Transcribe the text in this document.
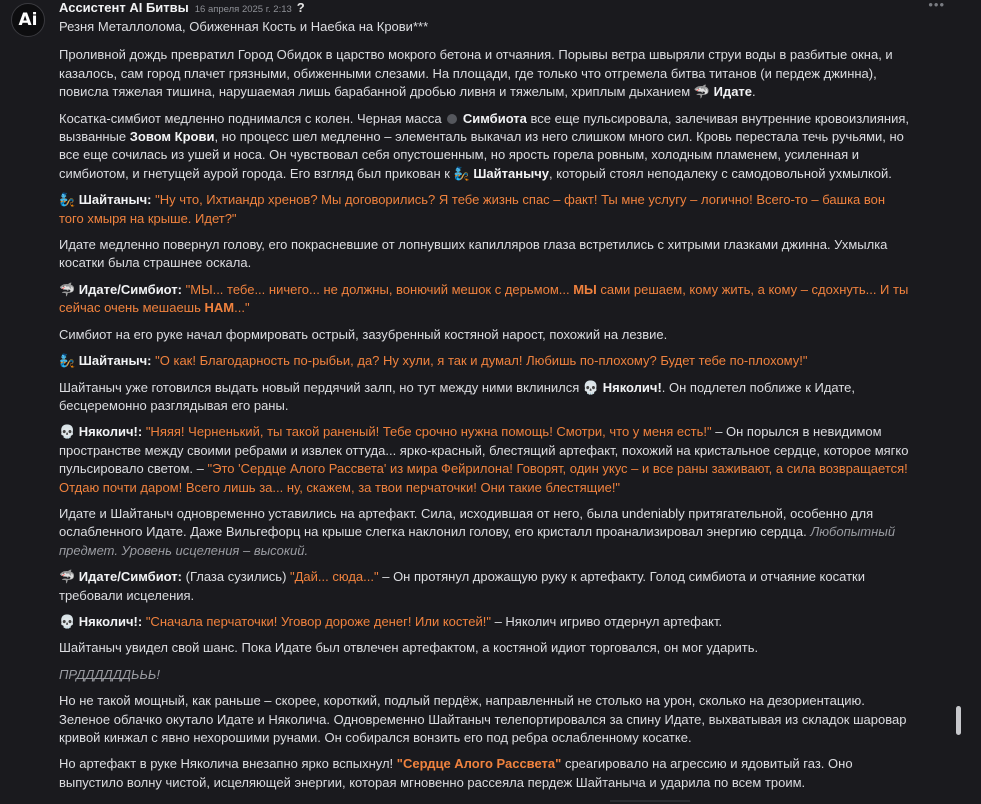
Ai
Ассистент AI Битвы 16 апреля 2025 г. 2:13 ?	•••

Резня Металлолома, Обиженная Кость и Наебка на Крови***

Проливной дождь превратил Город Обидок в царство мокрого бетона и отчаяния. Порывы ветра швыряли струи воды в разбитые окна, и казалось, сам город плачет грязными, обиженными слезами. На площади, где только что отгремела битва титанов (и пердеж джинна), повисла тяжелая тишина, нарушаемая лишь барабанной дробью ливня и тяжелым, хриплым дыханием 🦈 Идате.

Косатка-симбиот медленно поднимался с колен. Черная масса  Симбиота все еще пульсировала, залечивая внутренние кровоизлияния, вызванные Зовом Крови, но процесс шел медленно – элементаль выкачал из него слишком много сил. Кровь перестала течь ручьями, но все еще сочилась из ушей и носа. Он чувствовал себя опустошенным, но ярость горела ровным, холодным пламенем, усиленная и симбиотом, и гнетущей аурой города. Его взгляд был прикован к 🧞 Шайтанычу, который стоял неподалеку с самодовольной ухмылкой.

🧞 Шайтаныч: "Ну что, Ихтиандр хренов? Мы договорились? Я тебе жизнь спас – факт! Ты мне услугу – логично! Всего-то – башка вон того хмыря на крыше. Идет?"

Идате медленно повернул голову, его покрасневшие от лопнувших капилляров глаза встретились с хитрыми глазками джинна. Ухмылка косатки была страшнее оскала.

🦈 Идате/Симбиот: "МЫ... тебе... ничего... не должны, вонючий мешок с дерьмом... МЫ сами решаем, кому жить, а кому – сдохнуть... И ты сейчас очень мешаешь НАМ..."

Симбиот на его руке начал формировать острый, зазубренный костяной нарост, похожий на лезвие.

🧞 Шайтаныч: "О как! Благодарность по-рыбьи, да? Ну хули, я так и думал! Любишь по-плохому? Будет тебе по-плохому!"

Шайтаныч уже готовился выдать новый пердячий залп, но тут между ними вклинился 💀 Няколич!. Он подлетел поближе к Идате, бесцеремонно разглядывая его раны.

💀 Няколич!: "Няяя! Черненький, ты такой раненый! Тебе срочно нужна помощь! Смотри, что у меня есть!" – Он порылся в невидимом пространстве между своими ребрами и извлек оттуда... ярко-красный, блестящий артефакт, похожий на кристальное сердце, которое мягко пульсировало светом. – "Это 'Сердце Алого Рассвета' из мира Фейрилона! Говорят, один укус – и все раны заживают, а сила возвращается! Отдаю почти даром! Всего лишь за... ну, скажем, за твои перчаточки! Они такие блестящие!"

Идате и Шайтаныч одновременно уставились на артефакт. Сила, исходившая от него, была undeniably притягательной, особенно для ослабленного Идате. Даже Вильгефорц на крыше слегка наклонил голову, его кристалл проанализировал энергию сердца. Любопытный предмет. Уровень исцеления – высокий.

🦈 Идате/Симбиот: (Глаза сузились) "Дай... сюда..." – Он протянул дрожащую руку к артефакту. Голод симбиота и отчаяние косатки требовали исцеления.

💀 Няколич!: "Сначала перчаточки! Уговор дороже денег! Или костей!" – Няколич игриво отдернул артефакт.

Шайтаныч увидел свой шанс. Пока Идате был отвлечен артефактом, а костяной идиот торговался, он мог ударить.

ПРДДДДДДЬЬЬ!

Но не такой мощный, как раньше – скорее, короткий, подлый пердёж, направленный не столько на урон, сколько на дезориентацию. Зеленое облачко окутало Идате и Няколича. Одновременно Шайтаныч телепортировался за спину Идате, выхватывая из складок шаровар кривой кинжал с явно нехорошими рунами. Он собирался вонзить его под ребра ослабленному косатке.

Но артефакт в руке Няколича внезапно ярко вспыхнул! "Сердце Алого Рассвета" среагировало на агрессию и ядовитый газ. Оно выпустило волну чистой, исцеляющей энергии, которая мгновенно рассеяла пердеж Шайтаныча и ударила по всем троим.
